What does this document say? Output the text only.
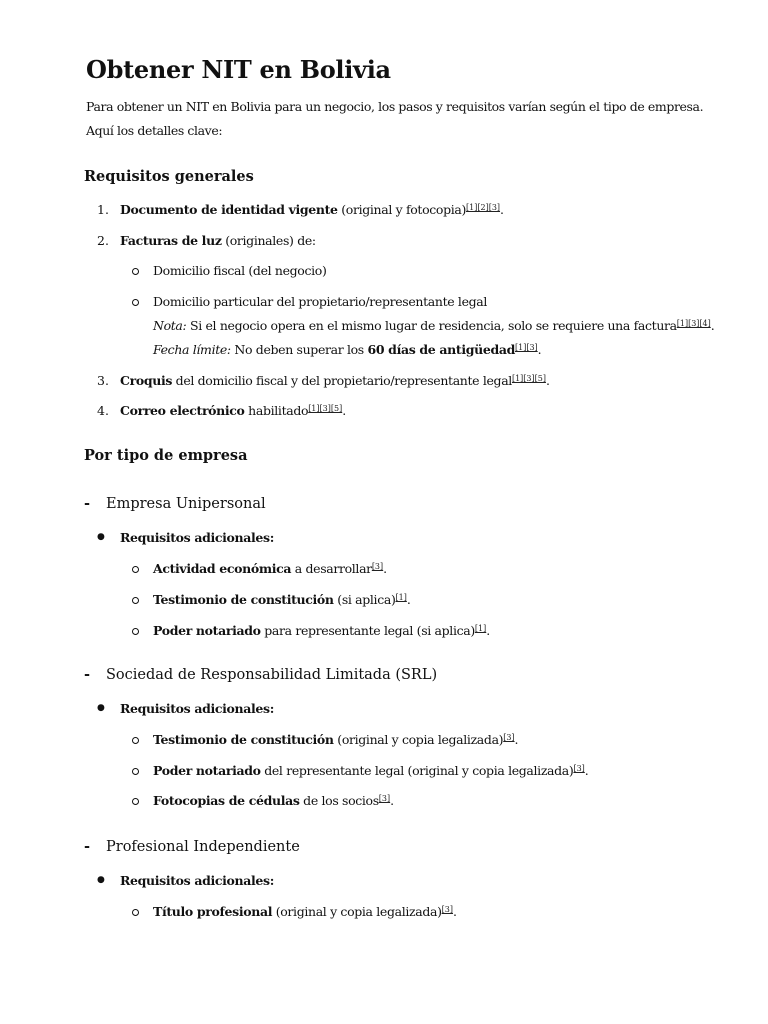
Obtener NIT en Bolivia
Para obtener un NIT en Bolivia para un negocio, los pasos y requisitos varían según el tipo de empresa.
Aquí los detalles clave:
Requisitos generales
1. Documento de identidad vigente (original y fotocopia)[1][2][3].
2. Facturas de luz (originales) de:
Domicilio fiscal (del negocio)
Domicilio particular del propietario/representante legal
Nota: Si el negocio opera en el mismo lugar de residencia, solo se requiere una factura[1][3][4].
Fecha límite: No deben superar los 60 días de antigüedad[1][3].
3. Croquis del domicilio fiscal y del propietario/representante legal[1][3][5].
4. Correo electrónico habilitado[1][3][5].
Por tipo de empresa
- Empresa Unipersonal
● Requisitos adicionales:
Actividad económica a desarrollar[3].
Testimonio de constitución (si aplica)[1].
Poder notariado para representante legal (si aplica)[1].
- Sociedad de Responsabilidad Limitada (SRL)
● Requisitos adicionales:
Testimonio de constitución (original y copia legalizada)[3].
Poder notariado del representante legal (original y copia legalizada)[3].
Fotocopias de cédulas de los socios[3].
- Profesional Independiente
● Requisitos adicionales:
Título profesional (original y copia legalizada)[3].
